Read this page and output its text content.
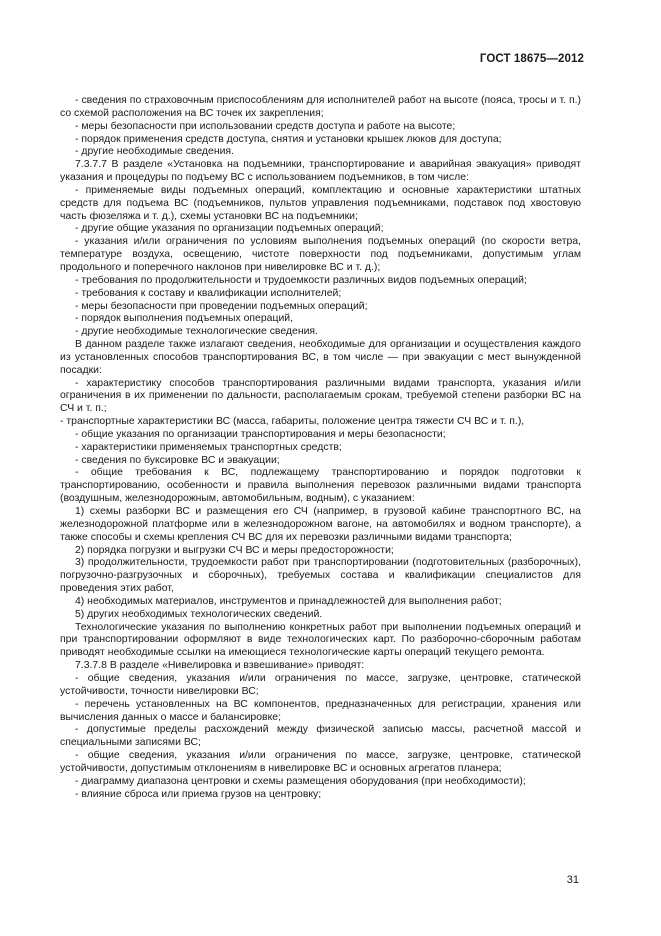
ГОСТ 18675—2012

- сведения по страховочным приспособлениям для исполнителей работ на высоте (пояса, тросы и т. п.) со схемой расположения на ВС точек их закрепления;

- меры безопасности при использовании средств доступа и работе на высоте;

- порядок применения средств доступа, снятия и установки крышек люков для доступа;

- другие необходимые сведения.

7.3.7.7 В разделе «Установка на подъемники, транспортирование и аварийная эвакуация» приводят указания и процедуры по подъему ВС с использованием подъемников, в том числе:

- применяемые виды подъемных операций, комплектацию и основные характеристики штатных средств для подъема ВС (подъемников, пультов управления подъемниками, подставок под хвостовую часть фюзеляжа и т. д.), схемы установки ВС на подъемники;

- другие общие указания по организации подъемных операций;

- указания и/или ограничения по условиям выполнения подъемных операций (по скорости ветра, температуре воздуха, освещению, чистоте поверхности под подъемниками, допустимым углам продольного и поперечного наклонов при нивелировке ВС и т. д.);

- требования по продолжительности и трудоемкости различных видов подъемных операций;

- требования к составу и квалификации исполнителей;

- меры безопасности при проведении подъемных операций;

- порядок выполнения подъемных операций,

- другие необходимые технологические сведения.

В данном разделе также излагают сведения, необходимые для организации и осуществления каждого из установленных способов транспортирования ВС, в том числе — при эвакуации с мест вынужденной посадки:

- характеристику способов транспортирования различными видами транспорта, указания и/или ограничения в их применении по дальности, располагаемым срокам, требуемой степени разборки ВС на СЧ и т. п.;

- транспортные характеристики ВС (масса, габариты, положение центра тяжести СЧ ВС и т. п.),

- общие указания по организации транспортирования и меры безопасности;

- характеристики применяемых транспортных средств;

- сведения по буксировке ВС и эвакуации;

- общие требования к ВС, подлежащему транспортированию и порядок подготовки к транспортированию, особенности и правила выполнения перевозок различными видами транспорта (воздушным, железнодорожным, автомобильным, водным), с указанием:

1) схемы разборки ВС и размещения его СЧ (например, в грузовой кабине транспортного ВС, на железнодорожной платформе или в железнодорожном вагоне, на автомобилях и водном транспорте), а также способы и схемы крепления СЧ ВС для их перевозки различными видами транспорта;

2) порядка погрузки и выгрузки СЧ ВС и меры предосторожности;

3) продолжительности, трудоемкости работ при транспортировании (подготовительных (разборочных), погрузочно-разгрузочных и сборочных), требуемых состава и квалификации специалистов для проведения этих работ,

4) необходимых материалов, инструментов и принадлежностей для выполнения работ;

5) других необходимых технологических сведений.

Технологические указания по выполнению конкретных работ при выполнении подъемных операций и при транспортировании оформляют в виде технологических карт. По разборочно-сборочным работам приводят необходимые ссылки на имеющиеся технологические карты операций текущего ремонта.

7.3.7.8 В разделе «Нивелировка и взвешивание» приводят:

- общие сведения, указания и/или ограничения по массе, загрузке, центровке, статической устойчивости, точности нивелировки ВС;

- перечень установленных на ВС компонентов, предназначенных для регистрации, хранения или вычисления данных о массе и балансировке;

- допустимые пределы расхождений между физической записью массы, расчетной массой и специальными записями ВС;

- общие сведения, указания и/или ограничения по массе, загрузке, центровке, статической устойчивости, допустимым отклонениям в нивелировке ВС и основных агрегатов планера;

- диаграмму диапазона центровки и схемы размещения оборудования (при необходимости);

- влияние сброса или приема грузов на центровку;

31
